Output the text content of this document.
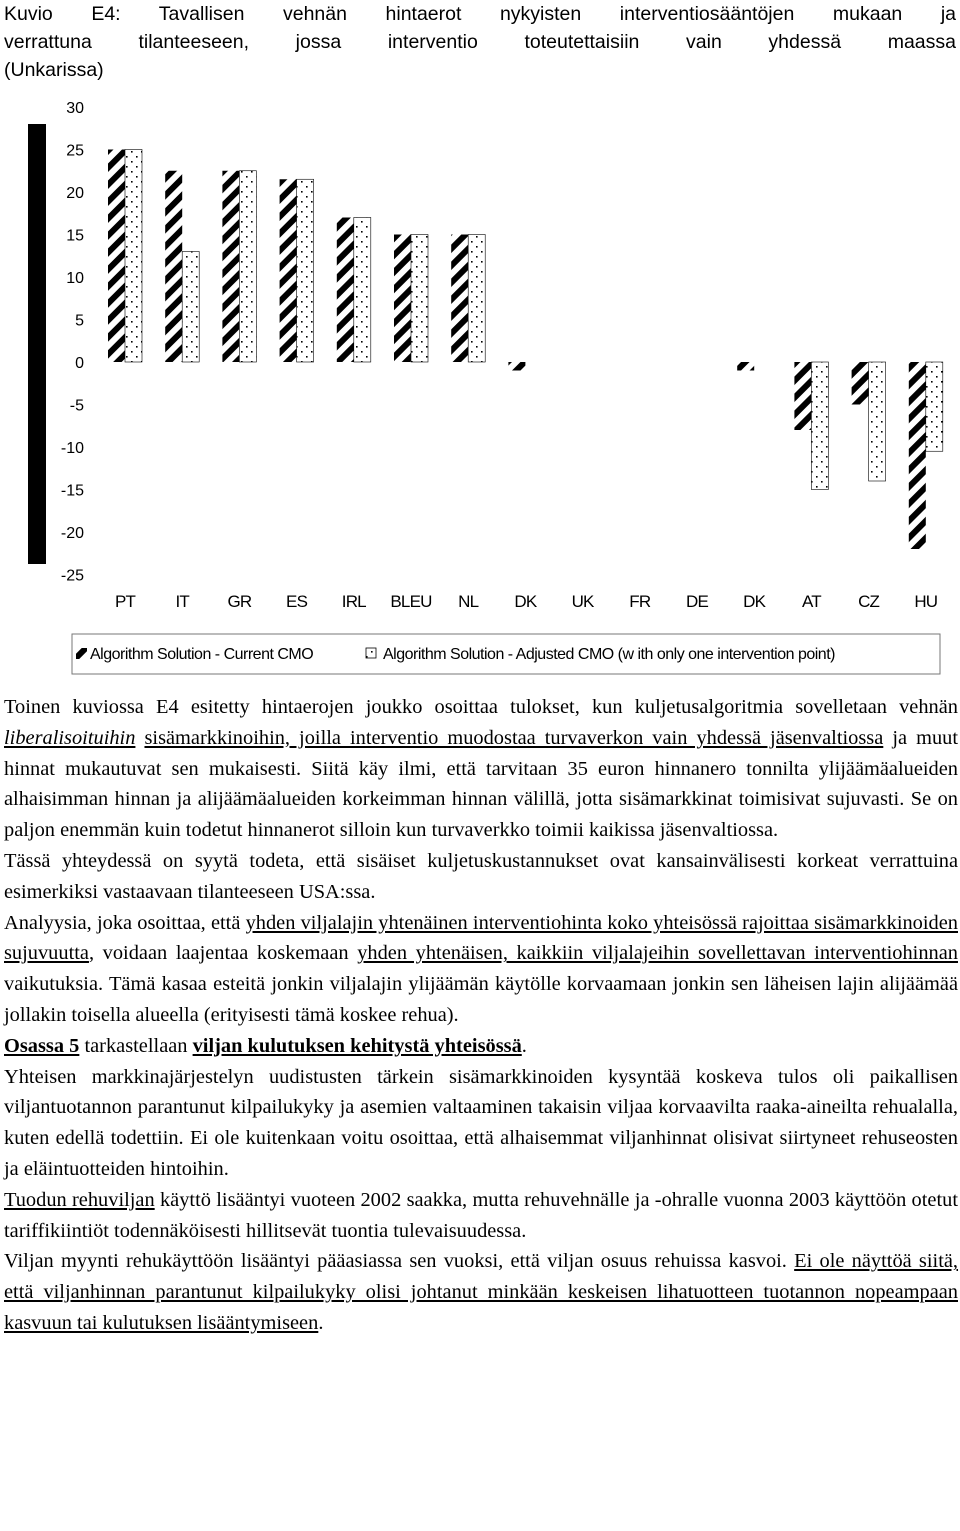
Kuvio E4: Tavallisen vehnän hintaerot nykyisten interventiosääntöjen mukaan ja
verrattuna tilanteeseen, jossa interventio toteutettaisiin vain yhdessä maassa
(Unkarissa)
30
25
20
15
10
5
0
-5
-10
-15
-20
-25
PT IT GR ES IRL BLEU NL DK UK FR DE DK AT CZ HU
Algorithm Solution - Current CMO	Algorithm Solution - Adjusted CMO (w ith only one intervention point)

Toinen kuviossa E4 esitetty hintaerojen joukko osoittaa tulokset, kun kuljetusalgoritmia sovelletaan vehnän liberalisoituihin sisämarkkinoihin, joilla interventio muodostaa turvaverkon vain yhdessä jäsenvaltiossa ja muut hinnat mukautuvat sen mukaisesti. Siitä käy ilmi, että tarvitaan 35 euron hinnanero tonnilta ylijäämäalueiden alhaisimman hinnan ja alijäämäalueiden korkeimman hinnan välillä, jotta sisämarkkinat toimisivat sujuvasti. Se on paljon enemmän kuin todetut hinnanerot silloin kun turvaverkko toimii kaikissa jäsenvaltiossa.

Tässä yhteydessä on syytä todeta, että sisäiset kuljetuskustannukset ovat kansainvälisesti korkeat verrattuina esimerkiksi vastaavaan tilanteeseen USA:ssa.

Analyysia, joka osoittaa, että yhden viljalajin yhtenäinen interventiohinta koko yhteisössä rajoittaa sisämarkkinoiden sujuvuutta, voidaan laajentaa koskemaan yhden yhtenäisen, kaikkiin viljalajeihin sovellettavan interventiohinnan vaikutuksia. Tämä kasaa esteitä jonkin viljalajin ylijäämän käytölle korvaamaan jonkin sen läheisen lajin alijäämää jollakin toisella alueella (erityisesti tämä koskee rehua).

Osassa 5 tarkastellaan viljan kulutuksen kehitystä yhteisössä.

Yhteisen markkinajärjestelyn uudistusten tärkein sisämarkkinoiden kysyntää koskeva tulos oli paikallisen viljantuotannon parantunut kilpailukyky ja asemien valtaaminen takaisin viljaa korvaavilta raaka-aineilta rehualalla, kuten edellä todettiin. Ei ole kuitenkaan voitu osoittaa, että alhaisemmat viljanhinnat olisivat siirtyneet rehuseosten ja eläintuotteiden hintoihin.

Tuodun rehuviljan käyttö lisääntyi vuoteen 2002 saakka, mutta rehuvehnälle ja -ohralle vuonna 2003 käyttöön otetut tariffikiintiöt todennäköisesti hillitsevät tuontia tulevaisuudessa.

Viljan myynti rehukäyttöön lisääntyi pääasiassa sen vuoksi, että viljan osuus rehuissa kasvoi. Ei ole näyttöä siitä, että viljanhinnan parantunut kilpailukyky olisi johtanut minkään keskeisen lihatuotteen tuotannon nopeampaan kasvuun tai kulutuksen lisääntymiseen.
